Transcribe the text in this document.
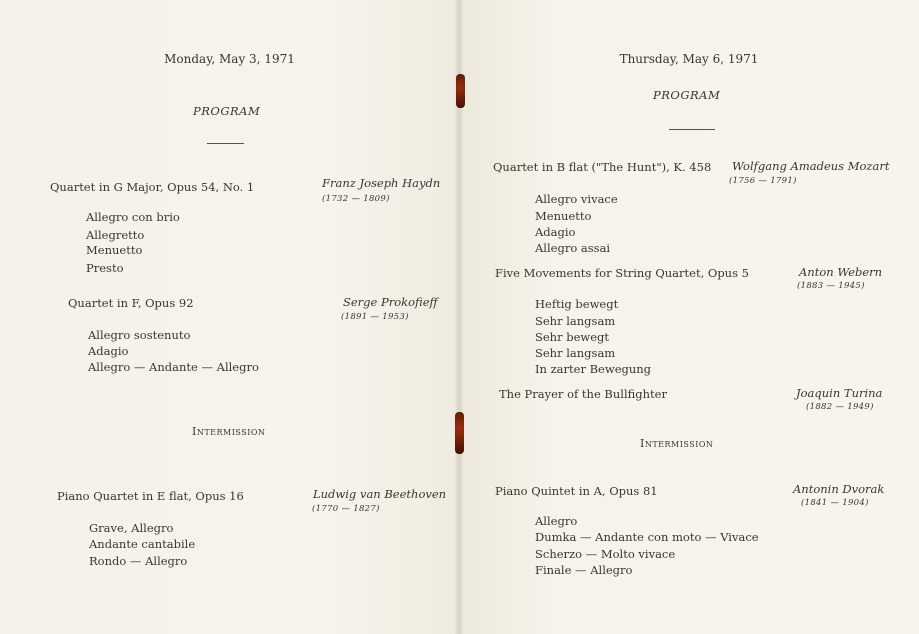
Monday, May 3, 1971
PROGRAM
Quartet in G Major, Opus 54, No. 1	Franz Joseph Haydn
(1732 — 1809)
Allegro con brio
Allegretto
Menuetto
Presto
Quartet in F, Opus 92	Serge Prokofieff
(1891 — 1953)
Allegro sostenuto
Adagio
Allegro — Andante — Allegro
Intermission
Piano Quartet in E flat, Opus 16	Ludwig van Beethoven
(1770 — 1827)
Grave, Allegro
Andante cantabile
Rondo — Allegro
Thursday, May 6, 1971
PROGRAM
Quartet in B flat ("The Hunt"), K. 458 Wolfgang Amadeus Mozart
(1756 — 1791)
Allegro vivace
Menuetto
Adagio
Allegro assai
Five Movements for String Quartet, Opus 5	Anton Webern
(1883 — 1945)
Heftig bewegt
Sehr langsam
Sehr bewegt
Sehr langsam
In zarter Bewegung
The Prayer of the Bullfighter	Joaquin Turina
(1882 — 1949)
Intermission
Piano Quintet in A, Opus 81	Antonin Dvorak
(1841 — 1904)
Allegro
Dumka — Andante con moto — Vivace
Scherzo — Molto vivace
Finale — Allegro
